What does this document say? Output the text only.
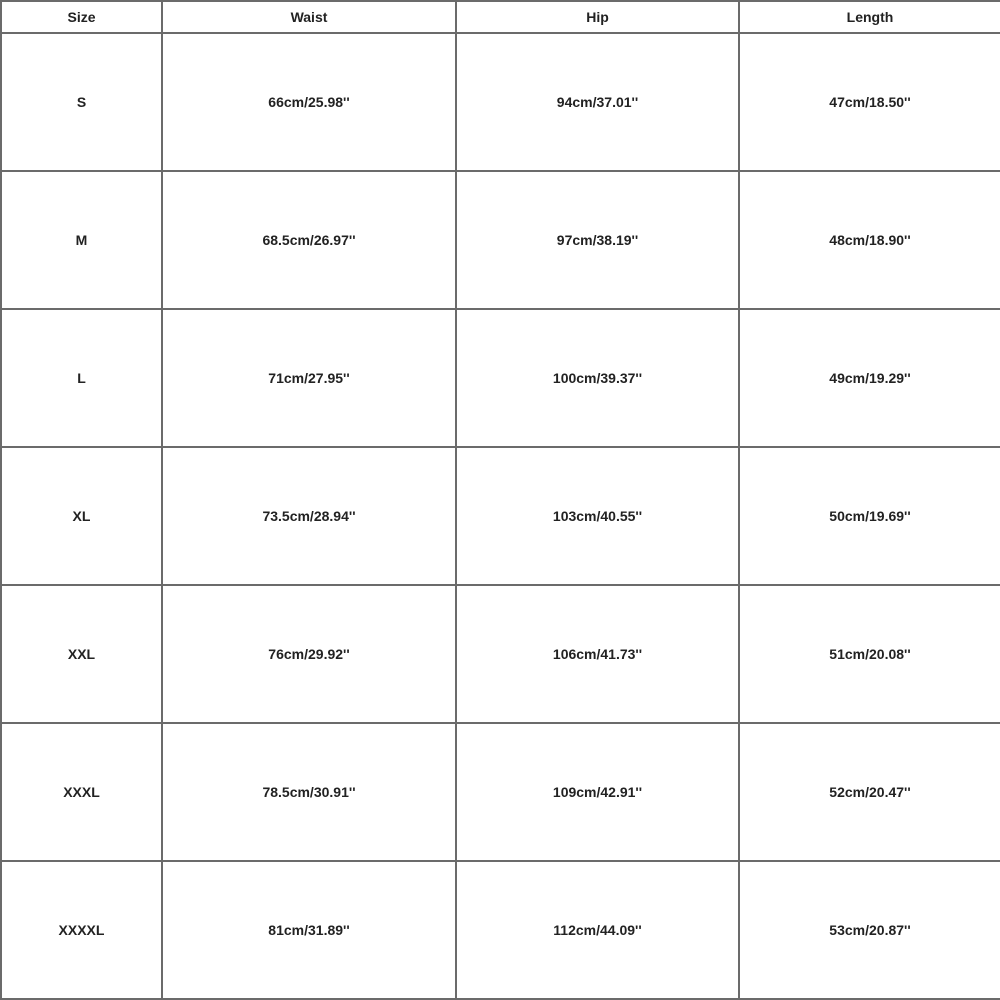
Size	Waist	Hip	Length
S	66cm/25.98''	94cm/37.01''	47cm/18.50''
M	68.5cm/26.97''	97cm/38.19''	48cm/18.90''
L	71cm/27.95''	100cm/39.37''	49cm/19.29''
XL	73.5cm/28.94''	103cm/40.55''	50cm/19.69''
XXL	76cm/29.92''	106cm/41.73''	51cm/20.08''
XXXL	78.5cm/30.91''	109cm/42.91''	52cm/20.47''
XXXXL	81cm/31.89''	112cm/44.09''	53cm/20.87''
